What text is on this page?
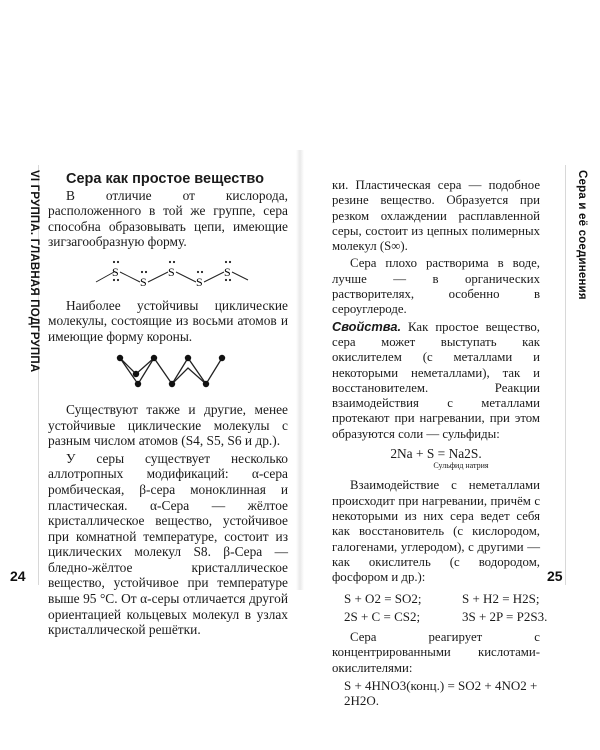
VI ГРУППА. ГЛАВНАЯ ПОДГРУППА
24

Сера как простое вещество

В отличие от кислорода, расположенного в той же группе, сера способна образовывать цепи, имеющие зигзагообразную форму.

S
S
S
S
S

Наиболее устойчивы циклические молекулы, состоящие из восьми атомов и имеющие форму короны.

Существуют также и другие, менее устойчивые циклические молекулы с разным числом атомов (S4, S5, S6 и др.).

У серы существует несколько аллотропных модификаций: α-сера ромбическая, β-сера моноклинная и пластическая. α-Сера — жёлтое кристаллическое вещество, устойчивое при комнатной температуре, состоит из циклических молекул S8. β-Сера — бледно-жёлтое кристаллическое вещество, устойчивое при температуре выше 95 °С. От α-серы отличается другой ориентацией кольцевых молекул в узлах кристаллической решётки.

Сера и её соединения
25

ки. Пластическая сера — подобное резине вещество. Образуется при резком охлаждении расплавленной серы, состоит из цепных полимерных молекул (S∞).

Сера плохо растворима в воде, лучше — в органических растворителях, особенно в сероуглероде.

Свойства. Как простое вещество, сера может выступать как окислителем (с металлами и некоторыми неметаллами), так и восстановителем. Реакции взаимодействия с металлами протекают при нагревании, при этом образуются соли — сульфиды:

2Na + S = Na2S.
Сульфид натрия

Взаимодействие с неметаллами происходит при нагревании, причём с некоторыми из них сера ведет себя как восстановитель (с кислородом, галогенами, углеродом), с другими — как окислитель (с водородом, фосфором и др.):

S + O2 = SO2;	S + H2 = H2S;
2S + C = CS2;	3S + 2P = P2S3.

Сера реагирует с концентрированными кислотами-окислителями:

S + 4HNO3(конц.) = SO2 + 4NO2 + 2H2O.
